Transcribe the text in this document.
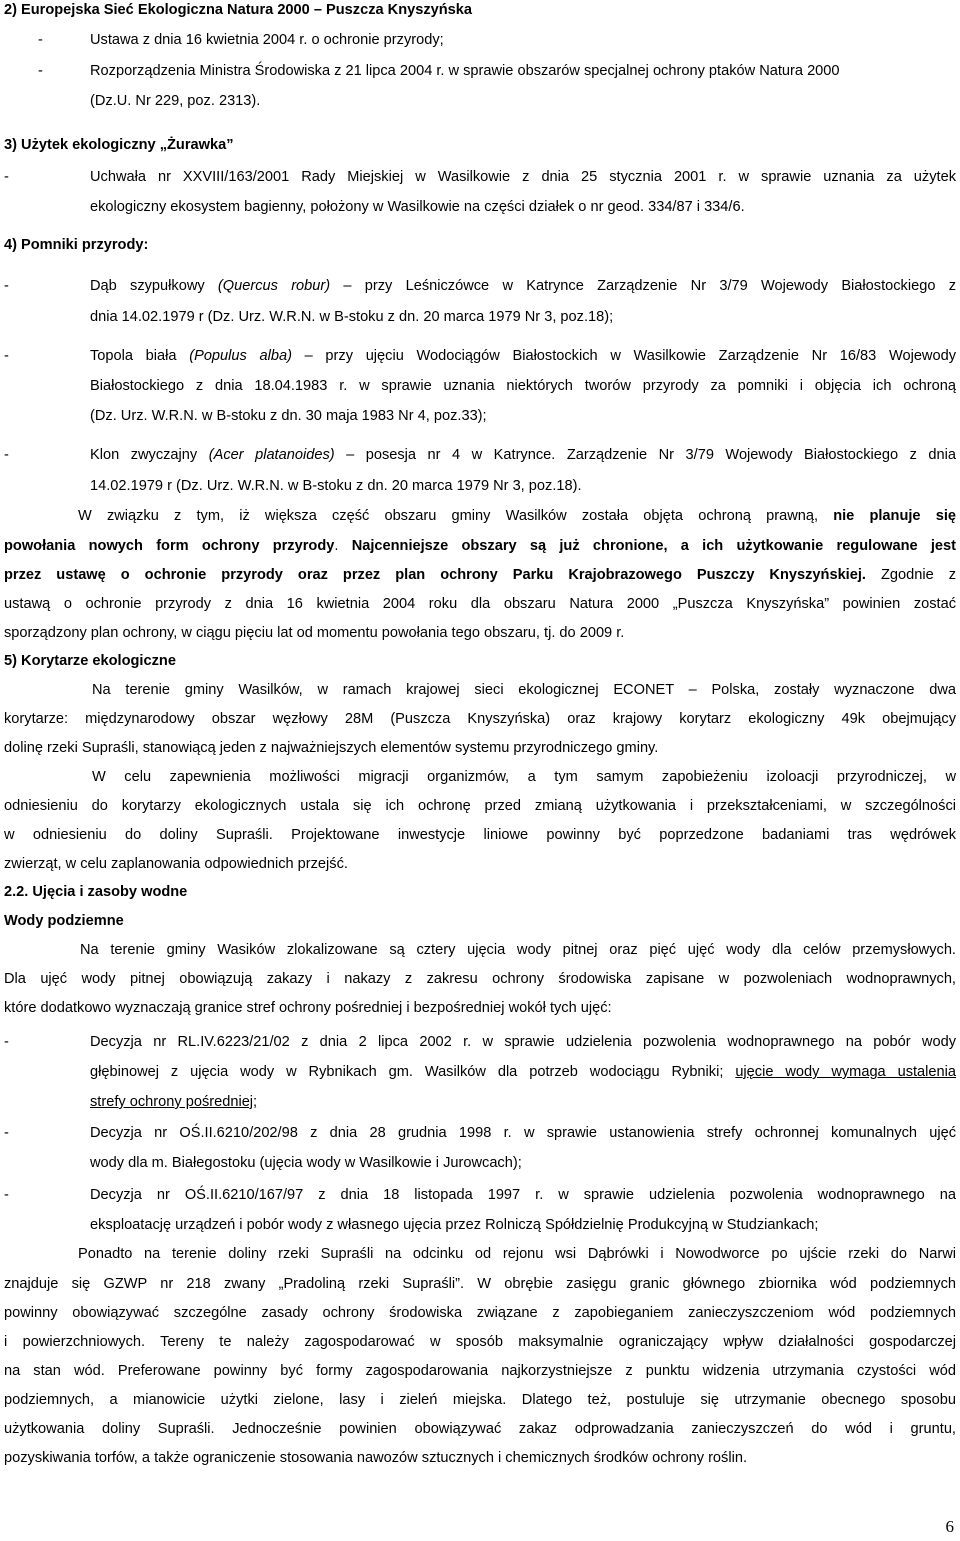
2) Europejska Sieć Ekologiczna Natura 2000 – Puszcza Knyszyńska
-	Ustawa z dnia 16 kwietnia 2004 r. o ochronie przyrody;
-	Rozporządzenia Ministra Środowiska z 21 lipca 2004 r. w sprawie obszarów specjalnej ochrony ptaków Natura 2000
(Dz.U. Nr 229, poz. 2313).
3) Użytek ekologiczny „Żurawka”
-	Uchwała nr XXVIII/163/2001 Rady Miejskiej w Wasilkowie z dnia 25 stycznia 2001 r. w sprawie uznania za użytek
ekologiczny ekosystem bagienny, położony w Wasilkowie na części działek o nr geod. 334/87 i 334/6.
4) Pomniki przyrody:
-	Dąb szypułkowy (Quercus robur) – przy Leśniczówce w Katrynce Zarządzenie Nr 3/79 Wojewody Białostockiego z
dnia 14.02.1979 r (Dz. Urz. W.R.N. w B-stoku z dn. 20 marca 1979 Nr 3, poz.18);
-	Topola biała (Populus alba) – przy ujęciu Wodociągów Białostockich w Wasilkowie Zarządzenie Nr 16/83 Wojewody
Białostockiego z dnia 18.04.1983 r. w sprawie uznania niektórych tworów przyrody za pomniki i objęcia ich ochroną
(Dz. Urz. W.R.N. w B-stoku z dn. 30 maja 1983 Nr 4, poz.33);
-	Klon zwyczajny (Acer platanoides) – posesja nr 4 w Katrynce. Zarządzenie Nr 3/79 Wojewody Białostockiego z dnia
14.02.1979 r (Dz. Urz. W.R.N. w B-stoku z dn. 20 marca 1979 Nr 3, poz.18).
W związku z tym, iż większa część obszaru gminy Wasilków została objęta ochroną prawną, nie planuje się
powołania nowych form ochrony przyrody. Najcenniejsze obszary są już chronione, a ich użytkowanie regulowane jest
przez ustawę o ochronie przyrody oraz przez plan ochrony Parku Krajobrazowego Puszczy Knyszyńskiej. Zgodnie z
ustawą o ochronie przyrody z dnia 16 kwietnia 2004 roku dla obszaru Natura 2000 „Puszcza Knyszyńska” powinien zostać
sporządzony plan ochrony, w ciągu pięciu lat od momentu powołania tego obszaru, tj. do 2009 r.
5) Korytarze ekologiczne
Na terenie gminy Wasilków, w ramach krajowej sieci ekologicznej ECONET – Polska, zostały wyznaczone dwa
korytarze: międzynarodowy obszar węzłowy 28M (Puszcza Knyszyńska) oraz krajowy korytarz ekologiczny 49k obejmujący
dolinę rzeki Supraśli, stanowiącą jeden z najważniejszych elementów systemu przyrodniczego gminy.
W celu zapewnienia możliwości migracji organizmów, a tym samym zapobieżeniu izoloacji przyrodniczej, w
odniesieniu do korytarzy ekologicznych ustala się ich ochronę przed zmianą użytkowania i przekształceniami, w szczególności
w odniesieniu do doliny Supraśli. Projektowane inwestycje liniowe powinny być poprzedzone badaniami tras wędrówek
zwierząt, w celu zaplanowania odpowiednich przejść.
2.2. Ujęcia i zasoby wodne
Wody podziemne
Na terenie gminy Wasików zlokalizowane są cztery ujęcia wody pitnej oraz pięć ujęć wody dla celów przemysłowych.
Dla ujęć wody pitnej obowiązują zakazy i nakazy z zakresu ochrony środowiska zapisane w pozwoleniach wodnoprawnych,
które dodatkowo wyznaczają granice stref ochrony pośredniej i bezpośredniej wokół tych ujęć:
-	Decyzja nr RL.IV.6223/21/02 z dnia 2 lipca 2002 r. w sprawie udzielenia pozwolenia wodnoprawnego na pobór wody
głębinowej z ujęcia wody w Rybnikach gm. Wasilków dla potrzeb wodociągu Rybniki; ujęcie wody wymaga ustalenia
strefy ochrony pośredniej;
-	Decyzja nr OŚ.II.6210/202/98 z dnia 28 grudnia 1998 r. w sprawie ustanowienia strefy ochronnej komunalnych ujęć
wody dla m. Białegostoku (ujęcia wody w Wasilkowie i Jurowcach);
-	Decyzja nr OŚ.II.6210/167/97 z dnia 18 listopada 1997 r. w sprawie udzielenia pozwolenia wodnoprawnego na
eksploatację urządzeń i pobór wody z własnego ujęcia przez Rolniczą Spółdzielnię Produkcyjną w Studziankach;
Ponadto na terenie doliny rzeki Supraśli na odcinku od rejonu wsi Dąbrówki i Nowodworce po ujście rzeki do Narwi
znajduje się GZWP nr 218 zwany „Pradoliną rzeki Supraśli”. W obrębie zasięgu granic głównego zbiornika wód podziemnych
powinny obowiązywać szczególne zasady ochrony środowiska związane z zapobieganiem zanieczyszczeniom wód podziemnych
i powierzchniowych. Tereny te należy zagospodarować w sposób maksymalnie ograniczający wpływ działalności gospodarczej
na stan wód. Preferowane powinny być formy zagospodarowania najkorzystniejsze z punktu widzenia utrzymania czystości wód
podziemnych, a mianowicie użytki zielone, lasy i zieleń miejska. Dlatego też, postuluje się utrzymanie obecnego sposobu
użytkowania doliny Supraśli. Jednocześnie powinien obowiązywać zakaz odprowadzania zanieczyszczeń do wód i gruntu,
pozyskiwania torfów, a także ograniczenie stosowania nawozów sztucznych i chemicznych środków ochrony roślin.
6
